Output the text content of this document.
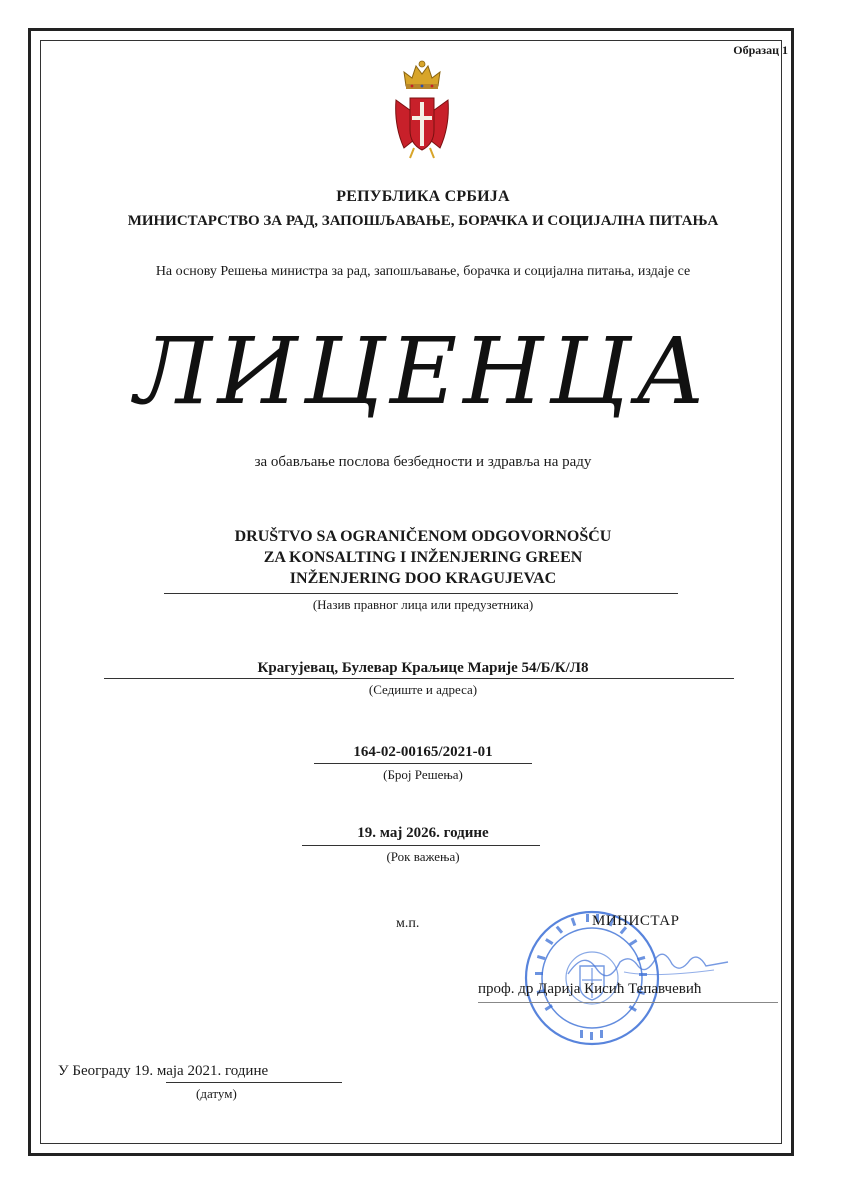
Образац 1
РЕПУБЛИКА СРБИЈА
МИНИСТАРСТВО ЗА РАД, ЗАПОШЉАВАЊЕ, БОРАЧКА И СОЦИЈАЛНА ПИТАЊА
На основу Решења министра за рад, запошљавање, борачка и социјална питања, издаје се
ЛИЦЕНЦА
за обављање послова безбедности и здравља на раду
DRUŠTVO SA OGRANIČENOM ODGOVORNOŠĆU
ZA KONSALTING I INŽENJERING GREEN
INŽENJERING DOO KRAGUJEVAC
(Назив правног лица или предузетника)
Крагујевац, Булевар Краљице Марије 54/Б/К/Л8
(Седиште и адреса)
164-02-00165/2021-01
(Број Решења)
19. мај 2026. године
(Рок важења)
м.п.	МИНИСТАР
проф. др Дарија Кисић Тепавчевић
У Београду 19. маја 2021. године
(датум)
